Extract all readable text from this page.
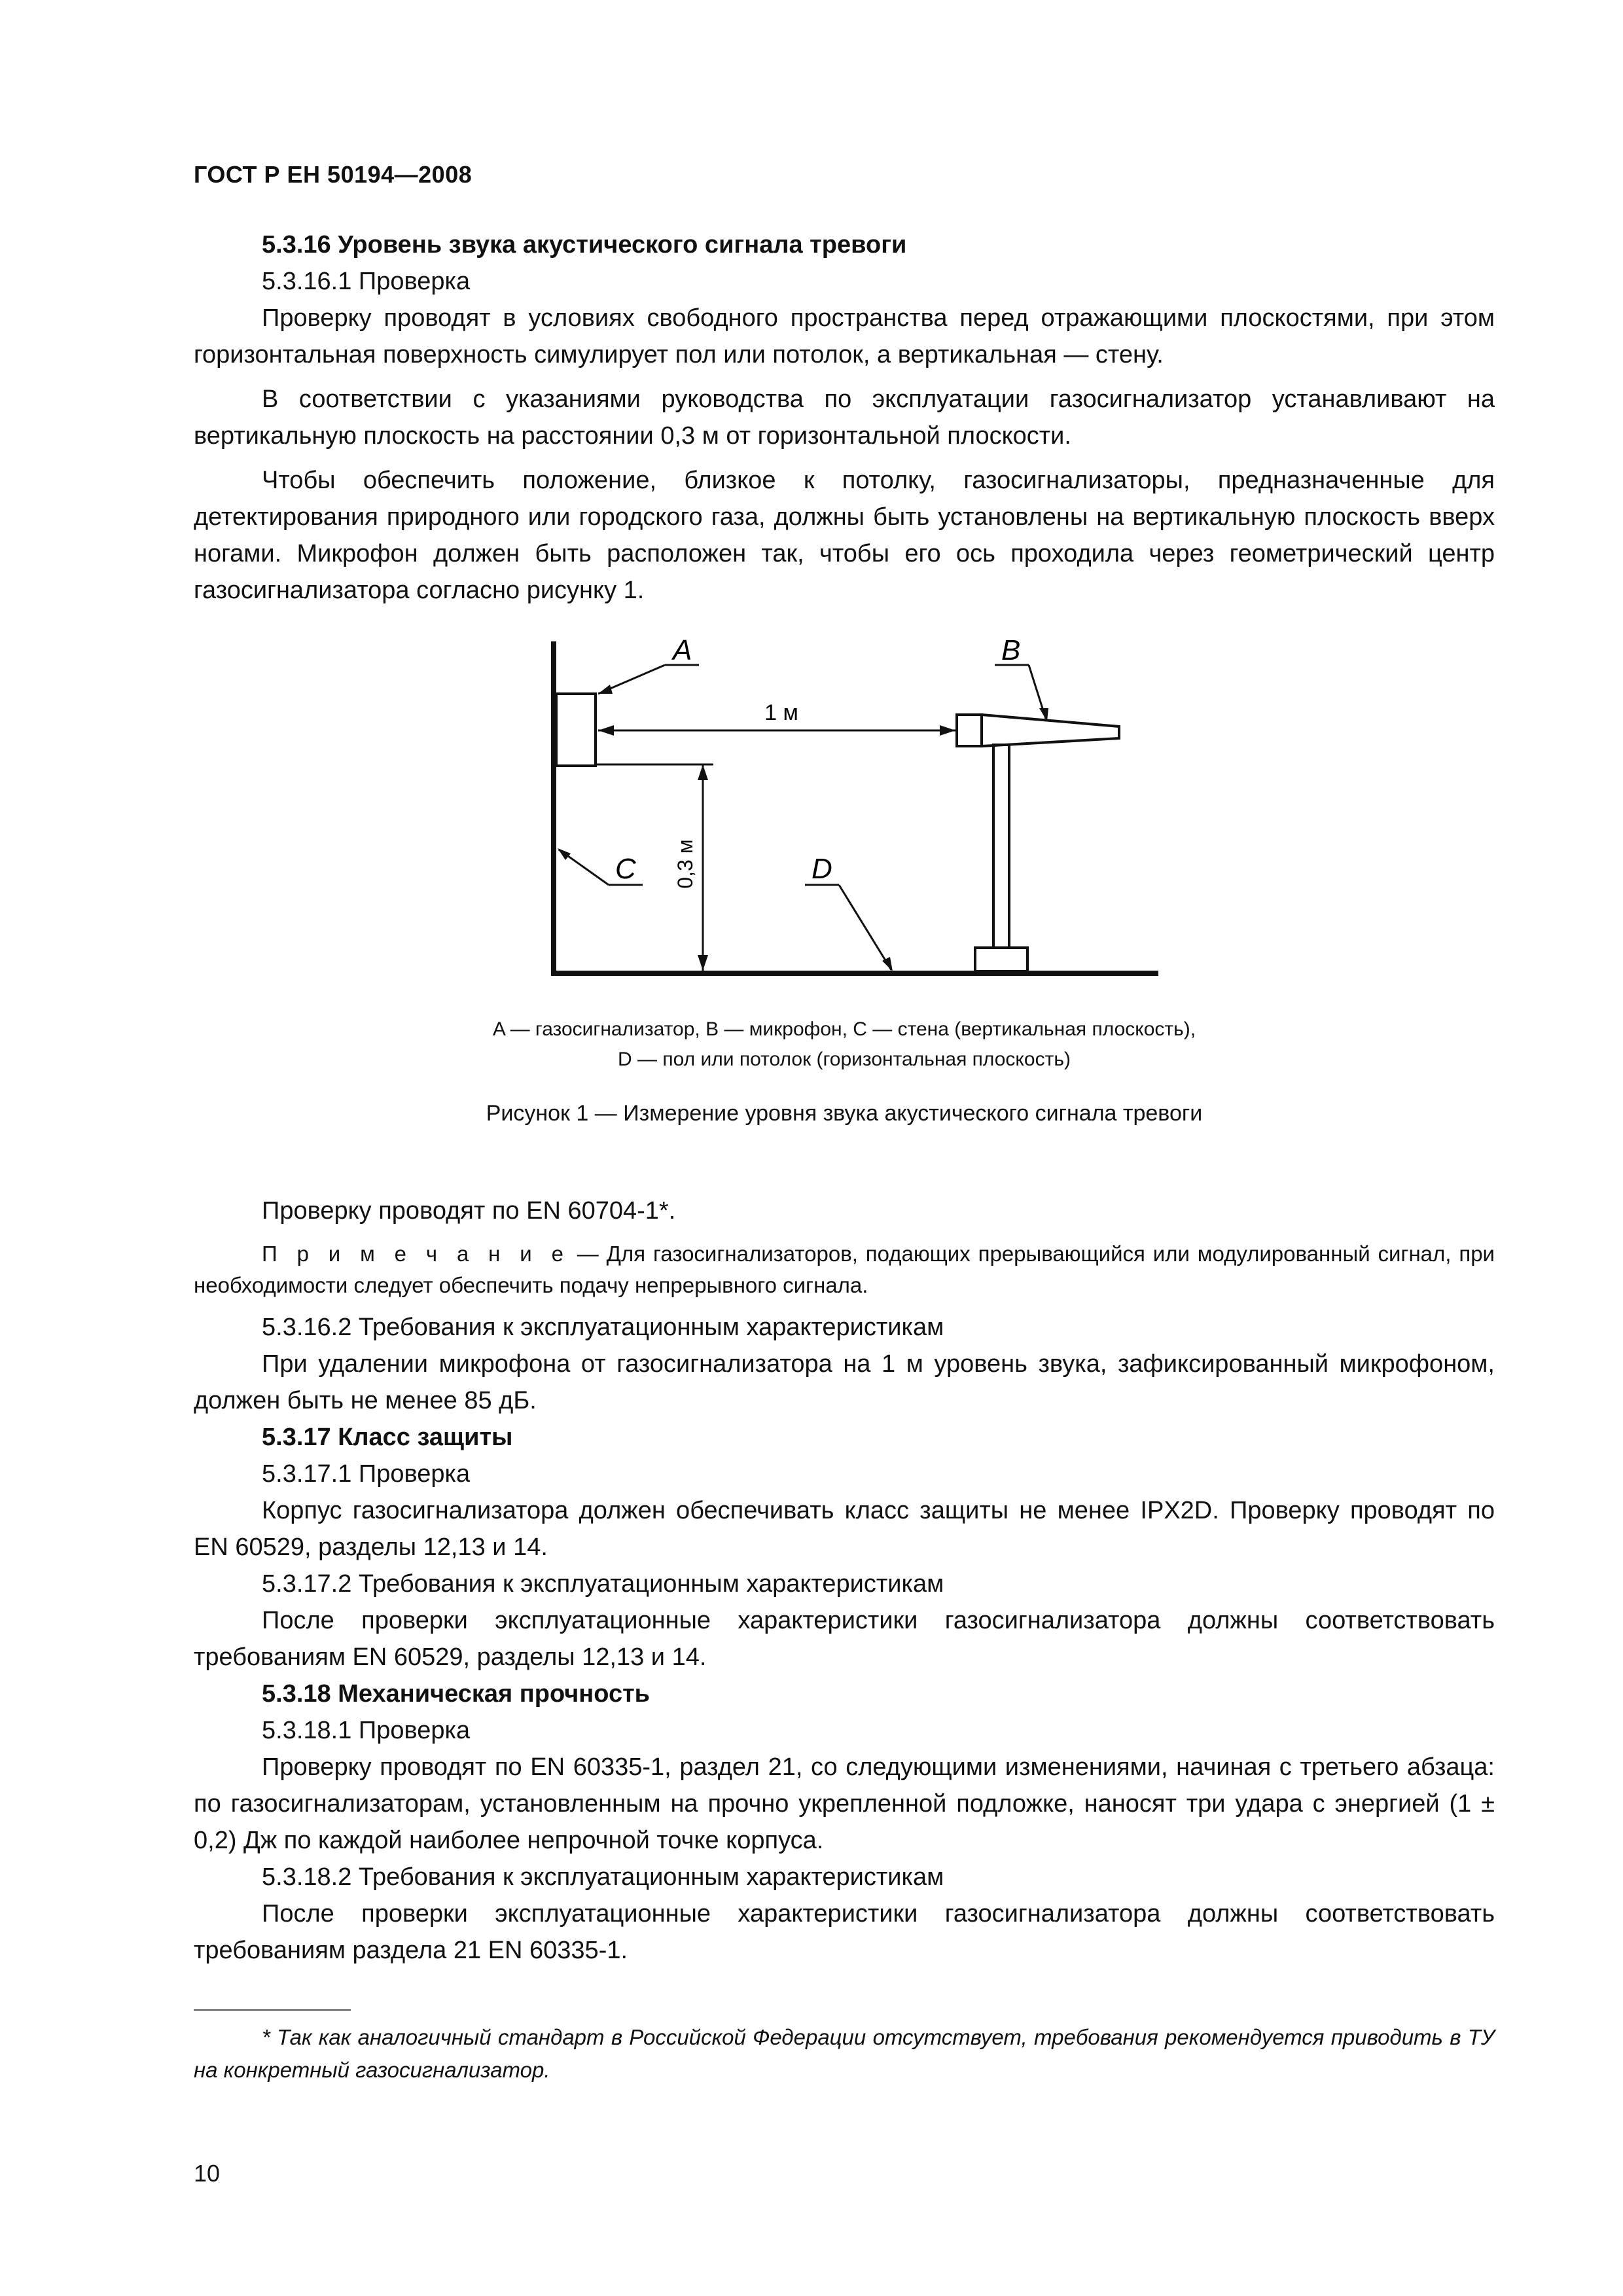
ГОСТ Р ЕН 50194—2008

5.3.16 Уровень звука акустического сигнала тревоги

5.3.16.1 Проверка

Проверку проводят в условиях свободного пространства перед отражающими плоскостями, при этом горизонтальная поверхность симулирует пол или потолок, а вертикальная — стену.

В соответствии с указаниями руководства по эксплуатации газосигнализатор устанавливают на вертикальную плоскость на расстоянии 0,3 м от горизонтальной плоскости.

Чтобы обеспечить положение, близкое к потолку, газосигнализаторы, предназначенные для детектирования природного или городского газа, должны быть установлены на вертикальную плоскость вверх ногами. Микрофон должен быть расположен так, чтобы его ось проходила через геометрический центр газосигнализатора согласно рисунку 1.

1 м
0,3 м
A	B
C	D
A — газосигнализатор, B — микрофон, C — стена (вертикальная плоскость),
D — пол или потолок (горизонтальная плоскость)
Рисунок 1 — Измерение уровня звука акустического сигнала тревоги

Проверку проводят по EN 60704-1*.

П р и м е ч а н и е — Для газосигнализаторов, подающих прерывающийся или модулированный сигнал, при необходимости следует обеспечить подачу непрерывного сигнала.

5.3.16.2 Требования к эксплуатационным характеристикам

При удалении микрофона от газосигнализатора на 1 м уровень звука, зафиксированный микрофоном, должен быть не менее 85 дБ.

5.3.17 Класс защиты

5.3.17.1 Проверка

Корпус газосигнализатора должен обеспечивать класс защиты не менее IPX2D. Проверку проводят по EN 60529, разделы 12,13 и 14.

5.3.17.2 Требования к эксплуатационным характеристикам

После проверки эксплуатационные характеристики газосигнализатора должны соответствовать требованиям EN 60529, разделы 12,13 и 14.

5.3.18 Механическая прочность

5.3.18.1 Проверка

Проверку проводят по EN 60335-1, раздел 21, со следующими изменениями, начиная с третьего абзаца: по газосигнализаторам, установленным на прочно укрепленной подложке, наносят три удара с энергией (1 ± 0,2) Дж по каждой наиболее непрочной точке корпуса.

5.3.18.2 Требования к эксплуатационным характеристикам

После проверки эксплуатационные характеристики газосигнализатора должны соответствовать требованиям раздела 21 EN 60335-1.

* Так как аналогичный стандарт в Российской Федерации отсутствует, требования рекомендуется приводить в ТУ на конкретный газосигнализатор.
10
